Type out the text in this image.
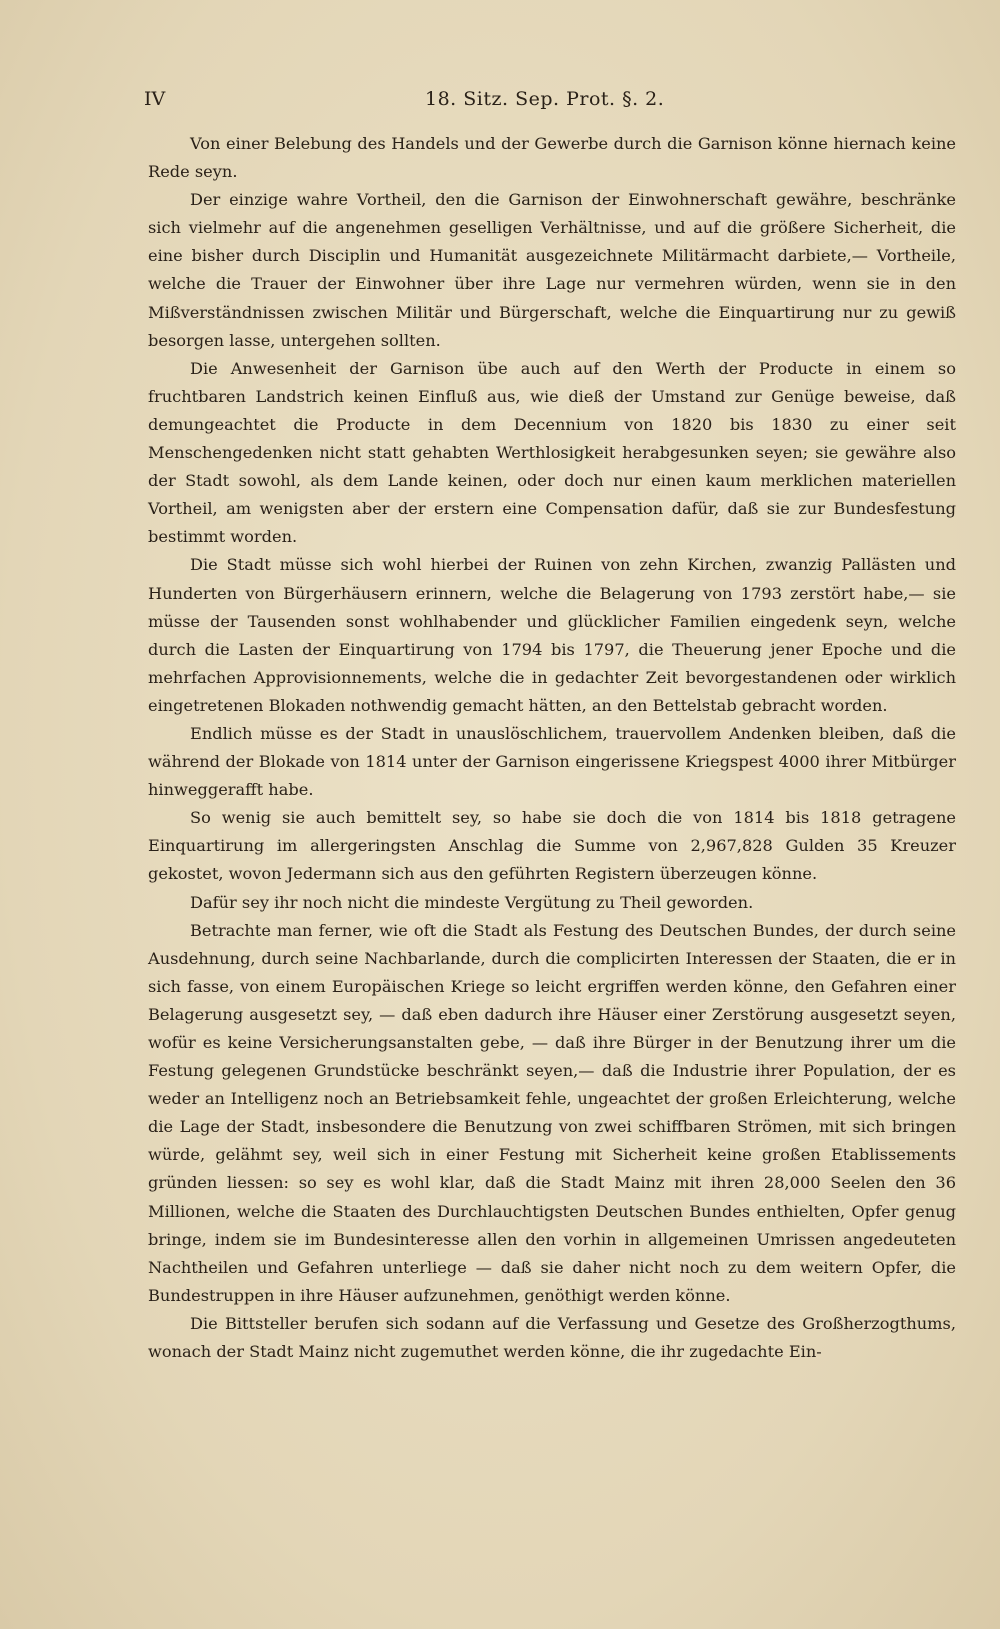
IV	18. Sitz. Sep. Prot. §. 2.

Von einer Belebung des Handels und der Gewerbe durch die Garnison könne hiernach keine Rede seyn.

Der einzige wahre Vortheil, den die Garnison der Einwohnerschaft gewähre, beschränke sich vielmehr auf die angenehmen geselligen Verhältnisse, und auf die größere Sicherheit, die eine bisher durch Disciplin und Humanität ausgezeichnete Militärmacht darbiete,— Vortheile, welche die Trauer der Einwohner über ihre Lage nur vermehren würden, wenn sie in den Mißverständnissen zwischen Militär und Bürgerschaft, welche die Einquartirung nur zu gewiß besorgen lasse, untergehen sollten.

Die Anwesenheit der Garnison übe auch auf den Werth der Producte in einem so fruchtbaren Landstrich keinen Einfluß aus, wie dieß der Umstand zur Genüge beweise, daß demungeachtet die Producte in dem Decennium von 1820 bis 1830 zu einer seit Menschengedenken nicht statt gehabten Werthlosigkeit herabgesunken seyen; sie gewähre also der Stadt sowohl, als dem Lande keinen, oder doch nur einen kaum merklichen materiellen Vortheil, am wenigsten aber der erstern eine Compensation dafür, daß sie zur Bundesfestung bestimmt worden.

Die Stadt müsse sich wohl hierbei der Ruinen von zehn Kirchen, zwanzig Pallästen und Hunderten von Bürgerhäusern erinnern, welche die Belagerung von 1793 zerstört habe,— sie müsse der Tausenden sonst wohlhabender und glücklicher Familien eingedenk seyn, welche durch die Lasten der Einquartirung von 1794 bis 1797, die Theuerung jener Epoche und die mehrfachen Approvisionnements, welche die in gedachter Zeit bevorgestandenen oder wirklich eingetretenen Blokaden nothwendig gemacht hätten, an den Bettelstab gebracht worden.

Endlich müsse es der Stadt in unauslöschlichem, trauervollem Andenken bleiben, daß die während der Blokade von 1814 unter der Garnison eingerissene Kriegspest 4000 ihrer Mitbürger hinweggerafft habe.

So wenig sie auch bemittelt sey, so habe sie doch die von 1814 bis 1818 getragene Einquartirung im allergeringsten Anschlag die Summe von 2,967,828 Gulden 35 Kreuzer gekostet, wovon Jedermann sich aus den geführten Registern überzeugen könne.

Dafür sey ihr noch nicht die mindeste Vergütung zu Theil geworden.

Betrachte man ferner, wie oft die Stadt als Festung des Deutschen Bundes, der durch seine Ausdehnung, durch seine Nachbarlande, durch die complicirten Interessen der Staaten, die er in sich fasse, von einem Europäischen Kriege so leicht ergriffen werden könne, den Gefahren einer Belagerung ausgesetzt sey, — daß eben dadurch ihre Häuser einer Zerstörung ausgesetzt seyen, wofür es keine Versicherungsanstalten gebe, — daß ihre Bürger in der Benutzung ihrer um die Festung gelegenen Grundstücke beschränkt seyen,— daß die Industrie ihrer Population, der es weder an Intelligenz noch an Betriebsamkeit fehle, ungeachtet der großen Erleichterung, welche die Lage der Stadt, insbesondere die Benutzung von zwei schiffbaren Strömen, mit sich bringen würde, gelähmt sey, weil sich in einer Festung mit Sicherheit keine großen Etablissements gründen liessen: so sey es wohl klar, daß die Stadt Mainz mit ihren 28,000 Seelen den 36 Millionen, welche die Staaten des Durchlauchtigsten Deutschen Bundes enthielten, Opfer genug bringe, indem sie im Bundesinteresse allen den vorhin in allgemeinen Umrissen angedeuteten Nachtheilen und Gefahren unterliege — daß sie daher nicht noch zu dem weitern Opfer, die Bundestruppen in ihre Häuser aufzunehmen, genöthigt werden könne.

Die Bittsteller berufen sich sodann auf die Verfassung und Gesetze des Großherzogthums, wonach der Stadt Mainz nicht zugemuthet werden könne, die ihr zugedachte Ein-
